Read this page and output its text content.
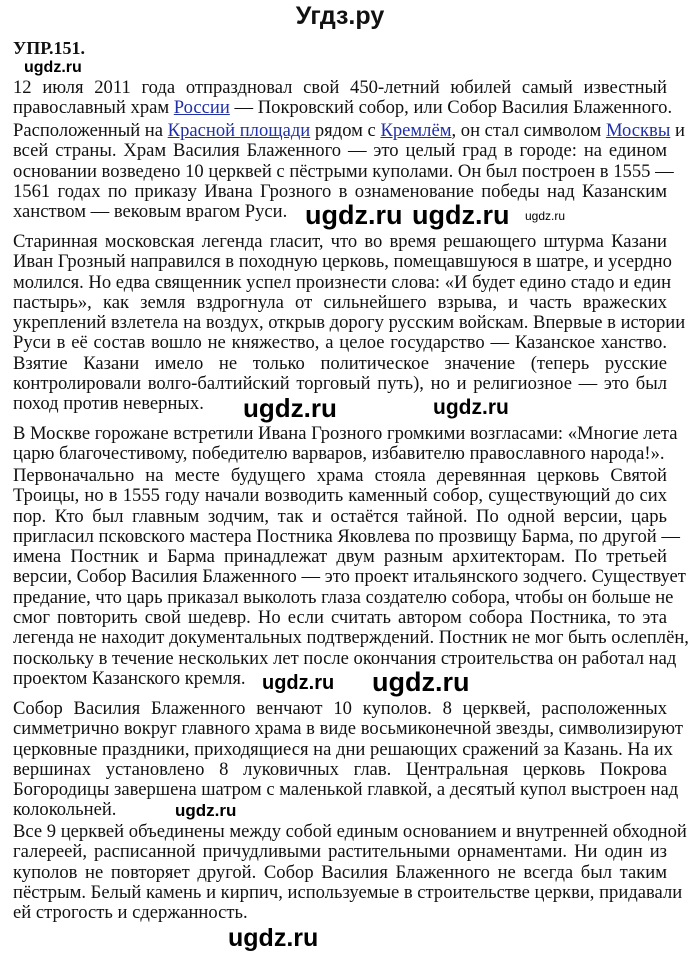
Угдз.ру
УПР.151.
12 июля 2011 года отпраздновал свой 450-летний юбилей самый известный
православный храм России — Покровский собор, или Собор Василия Блаженного.
Расположенный на Красной площади рядом с Кремлём, он стал символом Москвы и
всей страны. Храм Василия Блаженного — это целый град в городе: на едином
основании возведено 10 церквей с пёстрыми куполами. Он был построен в 1555 —
1561 годах по приказу Ивана Грозного в ознаменование победы над Казанским
ханством — вековым врагом Руси.
Старинная московская легенда гласит, что во время решающего штурма Казани
Иван Грозный направился в походную церковь, помещавшуюся в шатре, и усердно
молился. Но едва священник успел произнести слова: «И будет едино стадо и един
пастырь», как земля вздрогнула от сильнейшего взрыва, и часть вражеских
укреплений взлетела на воздух, открыв дорогу русским войскам. Впервые в истории
Руси в её состав вошло не княжество, а целое государство — Казанское ханство.
Взятие Казани имело не только политическое значение (теперь русские
контролировали волго-балтийский торговый путь), но и религиозное — это был
поход против неверных.
В Москве горожане встретили Ивана Грозного громкими возгласами: «Многие лета
царю благочестивому, победителю варваров, избавителю православного народа!».
Первоначально на месте будущего храма стояла деревянная церковь Святой
Троицы, но в 1555 году начали возводить каменный собор, существующий до сих
пор. Кто был главным зодчим, так и остаётся тайной. По одной версии, царь
пригласил псковского мастера Постника Яковлева по прозвищу Барма, по другой —
имена Постник и Барма принадлежат двум разным архитекторам. По третьей
версии, Собор Василия Блаженного — это проект итальянского зодчего. Существует
предание, что царь приказал выколоть глаза создателю собора, чтобы он больше не
смог повторить свой шедевр. Но если считать автором собора Постника, то эта
легенда не находит документальных подтверждений. Постник не мог быть ослеплён,
поскольку в течение нескольких лет после окончания строительства он работал над
проектом Казанского кремля.
Собор Василия Блаженного венчают 10 куполов. 8 церквей, расположенных
симметрично вокруг главного храма в виде восьмиконечной звезды, символизируют
церковные праздники, приходящиеся на дни решающих сражений за Казань. На их
вершинах установлено 8 луковичных глав. Центральная церковь Покрова
Богородицы завершена шатром с маленькой главкой, а десятый купол выстроен над
колокольней.
Все 9 церквей объединены между собой единым основанием и внутренней обходной
галереей, расписанной причудливыми растительными орнаментами. Ни один из
куполов не повторяет другой. Собор Василия Блаженного не всегда был таким
пёстрым. Белый камень и кирпич, используемые в строительстве церкви, придавали
ей строгость и сдержанность.
ugdz.ru
ugdz.ru
ugdz.ru ugdz.ru
ugdz.ru	ugdz.ru
ugdz.ru ugdz.ru
ugdz.ru
ugdz.ru
